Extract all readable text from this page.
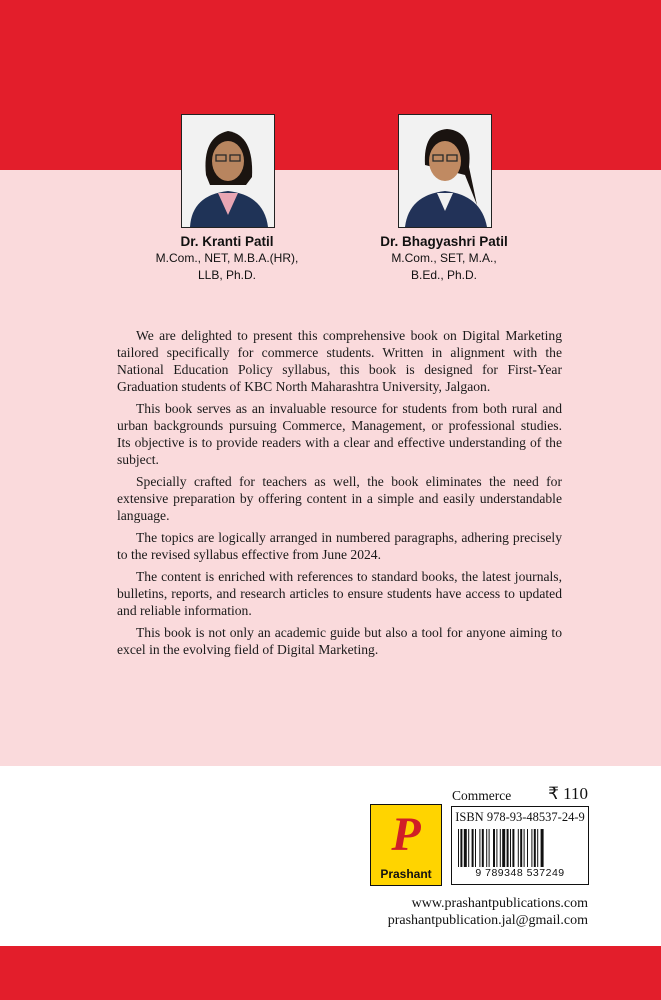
Dr. Kranti Patil
M.Com., NET, M.B.A.(HR),
LLB, Ph.D.
Dr. Bhagyashri Patil
M.Com., SET, M.A.,
B.Ed., Ph.D.

We are delighted to present this comprehensive book on Digital Marketing tailored specifically for commerce students. Written in alignment with the National Education Policy syllabus, this book is designed for First-Year Graduation students of KBC North Maharashtra University, Jalgaon.

This book serves as an invaluable resource for students from both rural and urban backgrounds pursuing Commerce, Management, or professional studies. Its objective is to provide readers with a clear and effective understanding of the subject.

Specially crafted for teachers as well, the book eliminates the need for extensive preparation by offering content in a simple and easily understandable language.

The topics are logically arranged in numbered paragraphs, adhering precisely to the revised syllabus effective from June 2024.

The content is enriched with references to standard books, the latest journals, bulletins, reports, and research articles to ensure students have access to updated and reliable information.

This book is not only an academic guide but also a tool for anyone aiming to excel in the evolving field of Digital Marketing.

P
Prashant
Commerce	₹ 110
ISBN 978-93-48537-24-9
9 789348 537249
www.prashantpublications.com
prashantpublication.jal@gmail.com
